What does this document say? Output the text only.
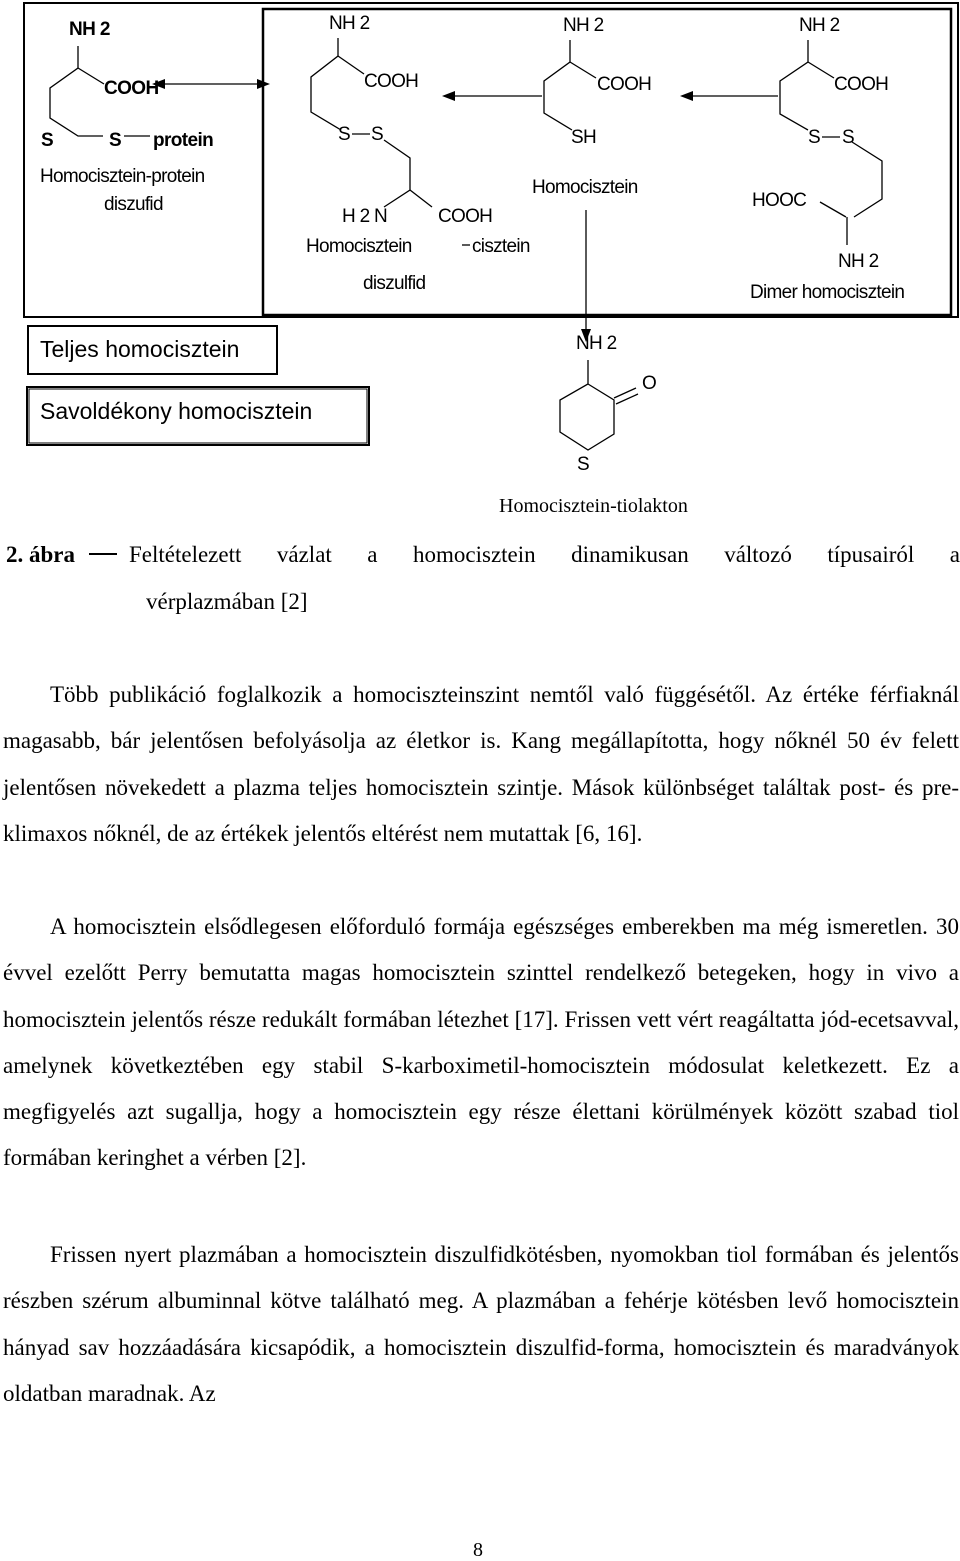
NH 2
COOH
S	S protein
Homocisztein-protein
diszufid
NH 2
COOH
S S
H 2 N	COOH
Homocisztein	cisztein
diszulfid
NH 2
COOH
SH
Homocisztein
NH 2
COOH
S S
HOOC
NH 2
Dimer homocisztein
Teljes homocisztein
Savoldékony homocisztein
NH 2
O
S
Homocisztein-tiolakton
2. ábra Feltételezett vázlat a homocisztein dinamikusan változó típusairól a
vérplazmában [2]

Több publikáció foglalkozik a homociszteinszint nemtől való függésétől. Az értéke férfiaknál magasabb, bár jelentősen befolyásolja az életkor is. Kang megállapította, hogy nőknél 50 év felett jelentősen növekedett a plazma teljes homocisztein szintje. Mások különbséget találtak post- és pre-klimaxos nőknél, de az értékek jelentős eltérést nem mutattak [6, 16].

A homocisztein elsődlegesen előforduló formája egészséges emberekben ma még ismeretlen. 30 évvel ezelőtt Perry bemutatta magas homocisztein szinttel rendelkező betegeken, hogy in vivo a homocisztein jelentős része redukált formában létezhet [17]. Frissen vett vért reagáltatta jód-ecetsavval, amelynek következtében egy stabil S-karboximetil-homocisztein módosulat keletkezett. Ez a megfigyelés azt sugallja, hogy a homocisztein egy része élettani körülmények között szabad tiol formában keringhet a vérben [2].

Frissen nyert plazmában a homocisztein diszulfidkötésben, nyomokban tiol formában és jelentős részben szérum albuminnal kötve található meg. A plazmában a fehérje kötésben levő homocisztein hányad sav hozzáadására kicsapódik, a homocisztein diszulfid-forma, homocisztein és maradványok oldatban maradnak. Az

8
